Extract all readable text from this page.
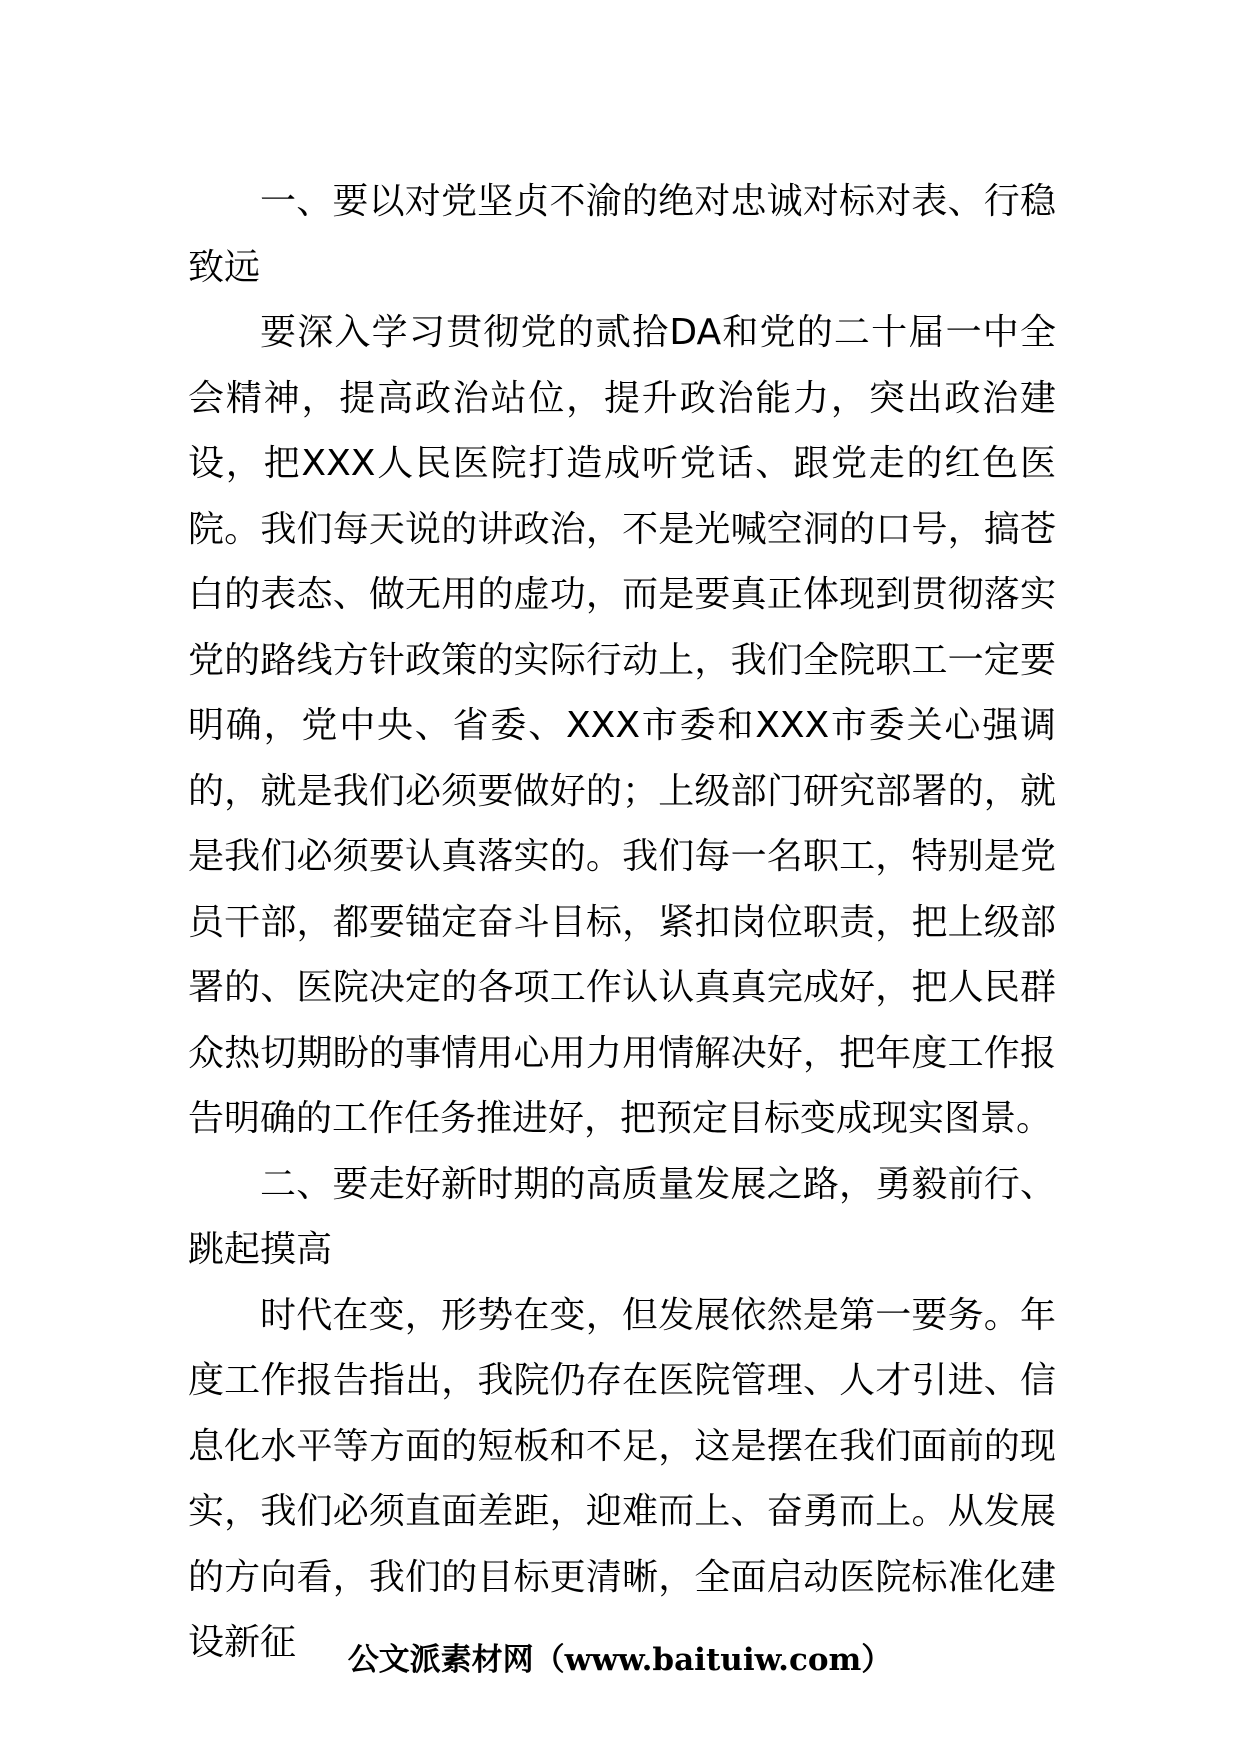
一、要以对党坚贞不渝的绝对忠诚对标对表、行稳致远

要深入学习贯彻党的贰拾DA和党的二十届一中全会精神，提高政治站位，提升政治能力，突出政治建设，把XXX人民医院打造成听党话、跟党走的红色医院。我们每天说的讲政治，不是光喊空洞的口号，搞苍白的表态、做无用的虚功，而是要真正体现到贯彻落实党的路线方针政策的实际行动上，我们全院职工一定要明确，党中央、省委、XXX市委和XXX市委关心强调的，就是我们必须要做好的；上级部门研究部署的，就是我们必须要认真落实的。我们每一名职工，特别是党员干部，都要锚定奋斗目标，紧扣岗位职责，把上级部署的、医院决定的各项工作认认真真完成好，把人民群众热切期盼的事情用心用力用情解决好，把年度工作报告明确的工作任务推进好，把预定目标变成现实图景。

二、要走好新时期的高质量发展之路，勇毅前行、跳起摸高

时代在变，形势在变，但发展依然是第一要务。年度工作报告指出，我院仍存在医院管理、人才引进、信息化水平等方面的短板和不足，这是摆在我们面前的现实，我们必须直面差距，迎难而上、奋勇而上。从发展的方向看，我们的目标更清晰，全面启动医院标准化建设新征	公文派素材网（www.baituiw.com）
